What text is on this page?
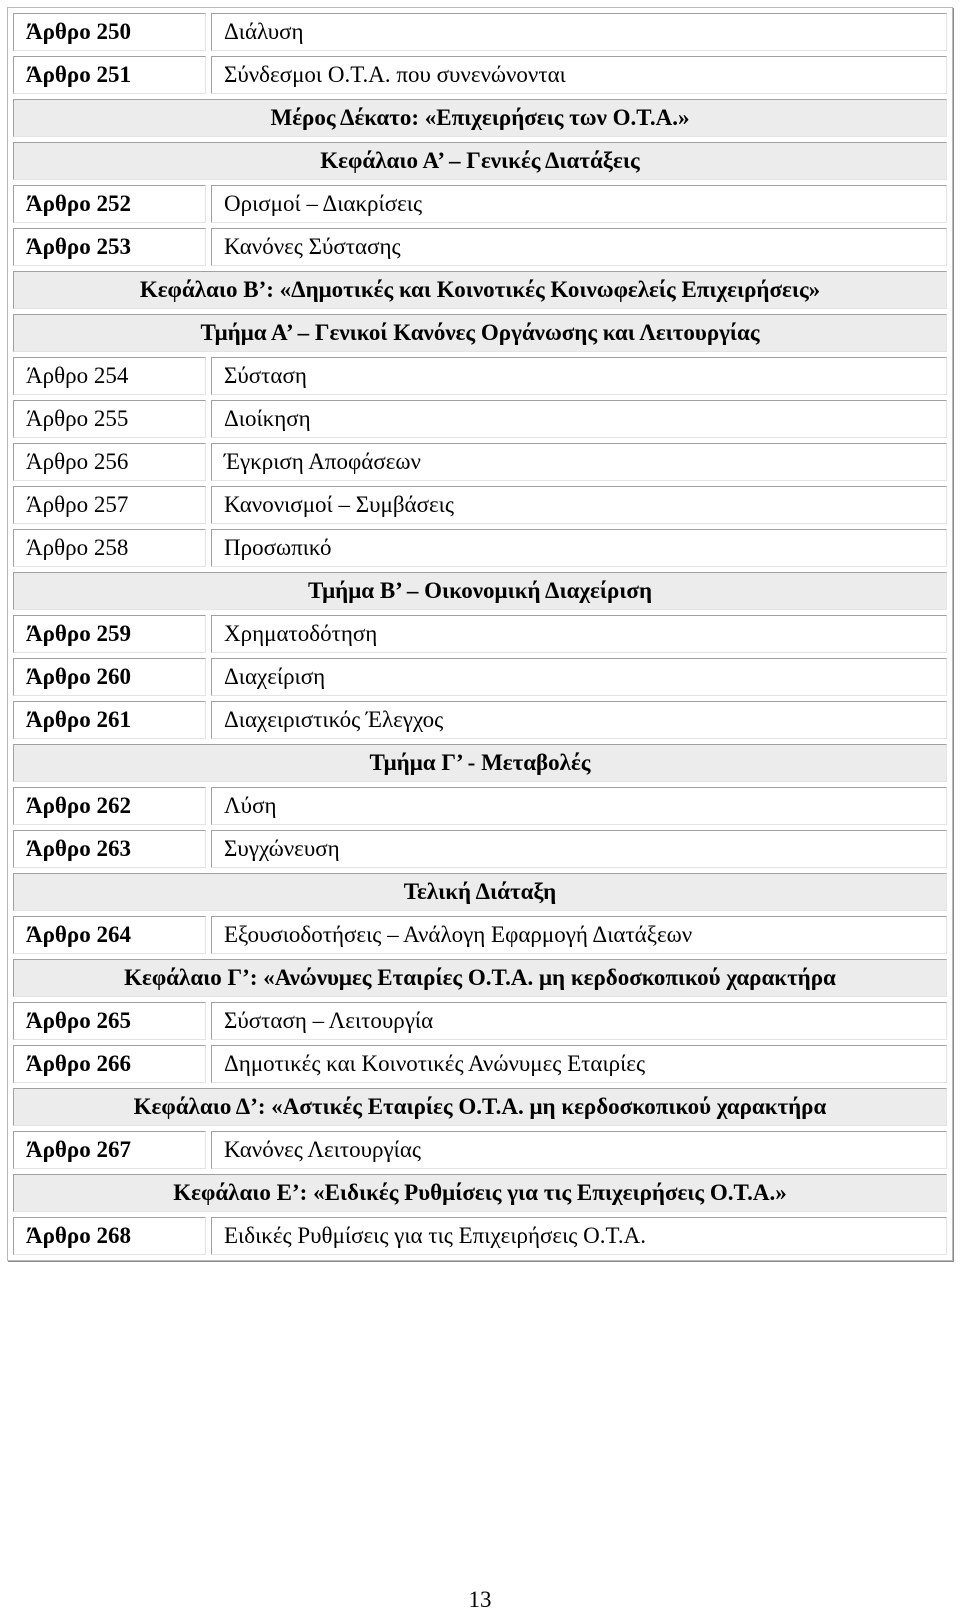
Άρθρο 250	Διάλυση
Άρθρο 251	Σύνδεσμοι Ο.Τ.Α. που συνενώνονται
Μέρος Δέκατο: «Επιχειρήσεις των Ο.Τ.Α.»	
Κεφάλαιο Α’ – Γενικές Διατάξεις	
Άρθρο 252	Ορισμοί – Διακρίσεις
Άρθρο 253	Κανόνες Σύστασης
Κεφάλαιο Β’: «Δημοτικές και Κοινοτικές Κοινωφελείς Επιχειρήσεις»	
Τμήμα Α’ – Γενικοί Κανόνες Οργάνωσης και Λειτουργίας	
Άρθρο 254	Σύσταση
Άρθρο 255	Διοίκηση
Άρθρο 256	Έγκριση Αποφάσεων
Άρθρο 257	Κανονισμοί – Συμβάσεις
Άρθρο 258	Προσωπικό
Τμήμα Β’ – Οικονομική Διαχείριση	
Άρθρο 259	Χρηματοδότηση
Άρθρο 260	Διαχείριση
Άρθρο 261	Διαχειριστικός Έλεγχος
Τμήμα Γ’ - Μεταβολές	
Άρθρο 262	Λύση
Άρθρο 263	Συγχώνευση
Τελική Διάταξη	
Άρθρο 264	Εξουσιοδοτήσεις – Ανάλογη Εφαρμογή Διατάξεων
Κεφάλαιο Γ’: «Ανώνυμες Εταιρίες Ο.Τ.Α. μη κερδοσκοπικού χαρακτήρα	
Άρθρο 265	Σύσταση – Λειτουργία
Άρθρο 266	Δημοτικές και Κοινοτικές Ανώνυμες Εταιρίες
Κεφάλαιο Δ’: «Αστικές Εταιρίες Ο.Τ.Α. μη κερδοσκοπικού χαρακτήρα	
Άρθρο 267	Κανόνες Λειτουργίας
Κεφάλαιο Ε’: «Ειδικές Ρυθμίσεις για τις Επιχειρήσεις Ο.Τ.Α.»	
Άρθρο 268	Ειδικές Ρυθμίσεις για τις Επιχειρήσεις Ο.Τ.Α.
13
